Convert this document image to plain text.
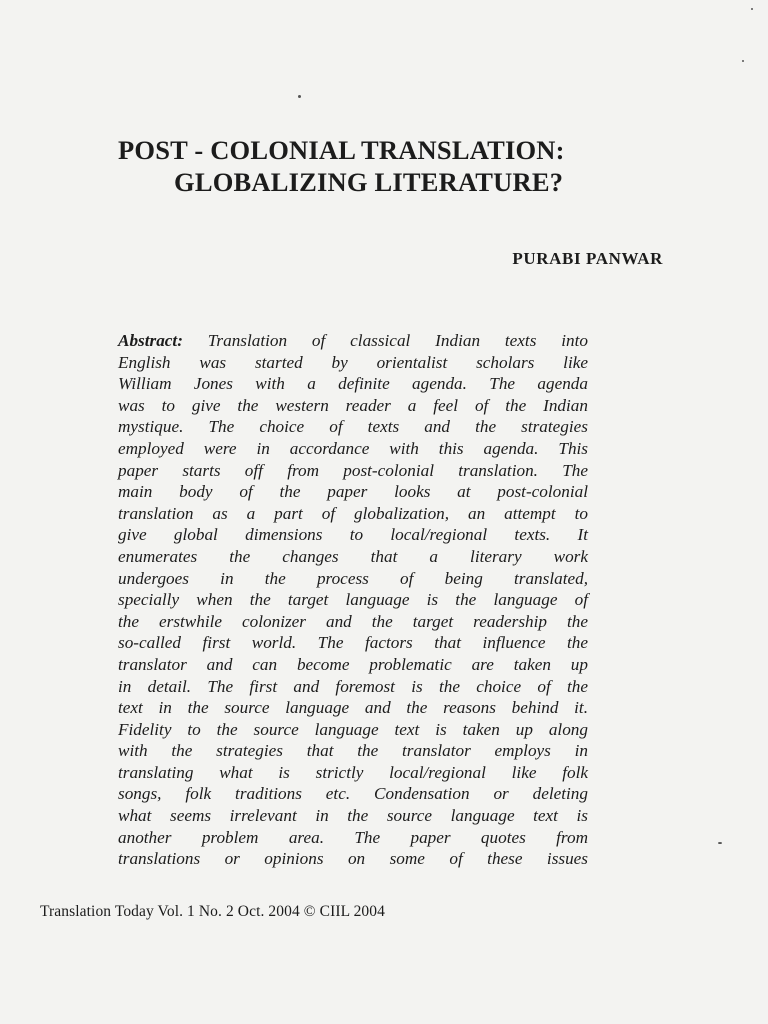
POST - COLONIAL TRANSLATION:
GLOBALIZING LITERATURE?
PURABI PANWAR
Abstract: Translation of classical Indian texts into
English was started by orientalist scholars like
William Jones with a definite agenda. The agenda
was to give the western reader a feel of the Indian
mystique. The choice of texts and the strategies
employed were in accordance with this agenda. This
paper starts off from post-colonial translation. The
main body of the paper looks at post-colonial
translation as a part of globalization, an attempt to
give global dimensions to local/regional texts. It
enumerates the changes that a literary work
undergoes in the process of being translated,
specially when the target language is the language of
the erstwhile colonizer and the target readership the
so-called first world. The factors that influence the
translator and can become problematic are taken up
in detail. The first and foremost is the choice of the
text in the source language and the reasons behind it.
Fidelity to the source language text is taken up along
with the strategies that the translator employs in
translating what is strictly local/regional like folk
songs, folk traditions etc. Condensation or deleting
what seems irrelevant in the source language text is
another problem area. The paper quotes from
translations or opinions on some of these issues
Translation Today Vol. 1 No. 2 Oct. 2004 © CIIL 2004
